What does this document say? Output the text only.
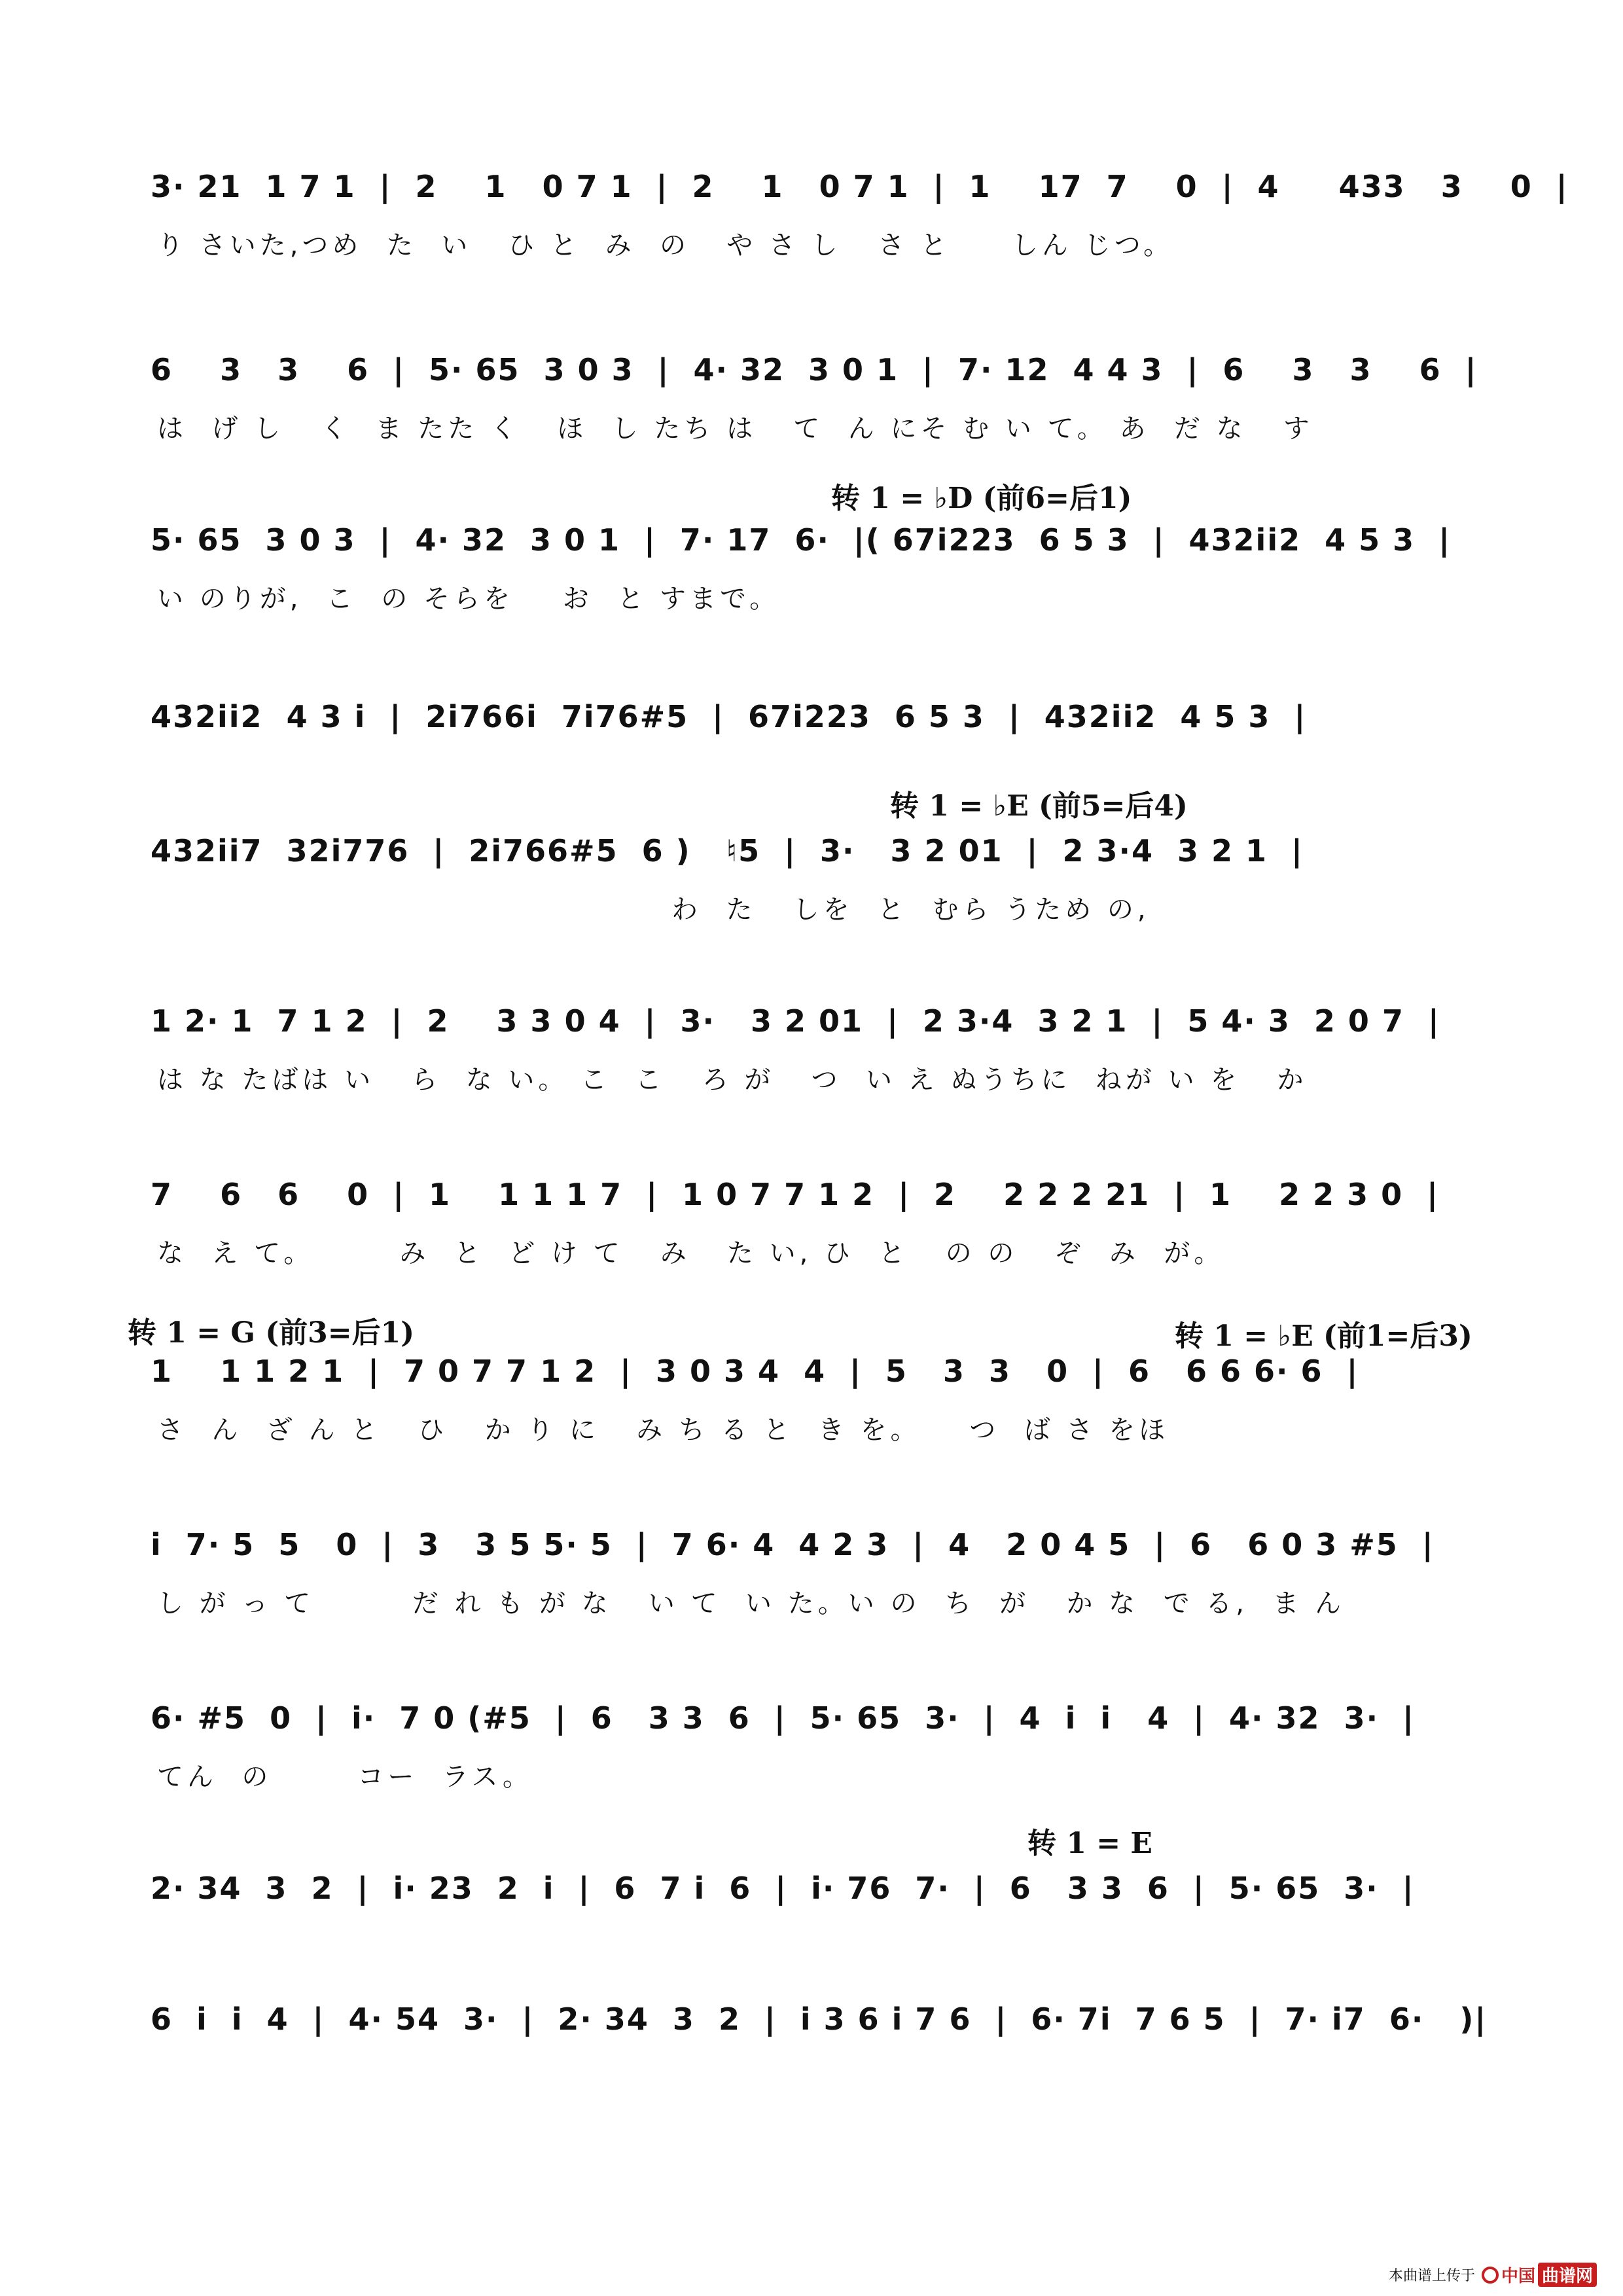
3· 21  1 7 1  |  2    1   0 7 1  |  2    1   0 7 1  |  1    17  7    0  |  4     433   3    0  |
り さいた,つめ  た  い   ひ と  み  の   や さ し   さ と     しん じつ。
6    3   3    6  |  5· 65  3 0 3  |  4· 32  3 0 1  |  7· 12  4 4 3  |  6    3   3    6  |
は  げ し   く  ま たた く   ほ  し たち は   て  ん にそ む い て。 あ  だ な   す
转 1 = ♭D (前6=后1)
5· 65  3 0 3  |  4· 32  3 0 1  |  7· 17  6·  |( 67i223  6 5 3  |  432ii2  4 5 3  |
い のりが,  こ  の そらを    お  と すまで。
432ii2  4 3 i  |  2i766i  7i76#5  |  67i223  6 5 3  |  432ii2  4 5 3  |
转 1 = ♭E (前5=后4)
432ii7  32i776  |  2i766#5  6 )   ♮5  |  3·   3 2 01  |  2 3·4  3 2 1  |
わ  た   しを  と  むら うため の,
1 2· 1  7 1 2  |  2    3 3 0 4  |  3·   3 2 01  |  2 3·4  3 2 1  |  5 4· 3  2 0 7  |
は な たばは い   ら  な い。 こ  こ   ろ が   つ  い え ぬうちに  ねが い を   か
7    6   6    0  |  1    1 1 1 7  |  1 0 7 7 1 2  |  2    2 2 2 21  |  1    2 2 3 0  |
な  え て。       み  と  ど け て   み   た い, ひ  と   の の   ぞ  み  が。
转 1 = G (前3=后1)	转 1 = ♭E (前1=后3)
1    1 1 2 1  |  7 0 7 7 1 2  |  3 0 3 4  4  |  5   3  3   0  |  6   6 6 6· 6  |
さ  ん  ざ ん と   ひ   か り に   み ち る と  き を。    つ  ば さ をほ
i  7· 5  5   0  |  3   3 5 5· 5  |  7 6· 4  4 2 3  |  4   2 0 4 5  |  6   6 0 3 #5  |
し が っ て        だ れ も が な   い て  い た。い の  ち  が   か な  で る,  ま ん
6· #5  0  |  i·  7 0 (#5  |  6   3 3  6  |  5· 65  3·  |  4  i  i   4  |  4· 32  3·  |
てん  の       コー  ラス。
转 1 = E
2· 34  3  2  |  i· 23  2  i  |  6  7 i  6  |  i· 76  7·  |  6   3 3  6  |  5· 65  3·  |
6  i  i  4  |  4· 54  3·  |  2· 34  3  2  |  i 3 6 i 7 6  |  6· 7i  7 6 5  |  7· i7  6·   )|
本曲谱上传于 中国 曲谱网
